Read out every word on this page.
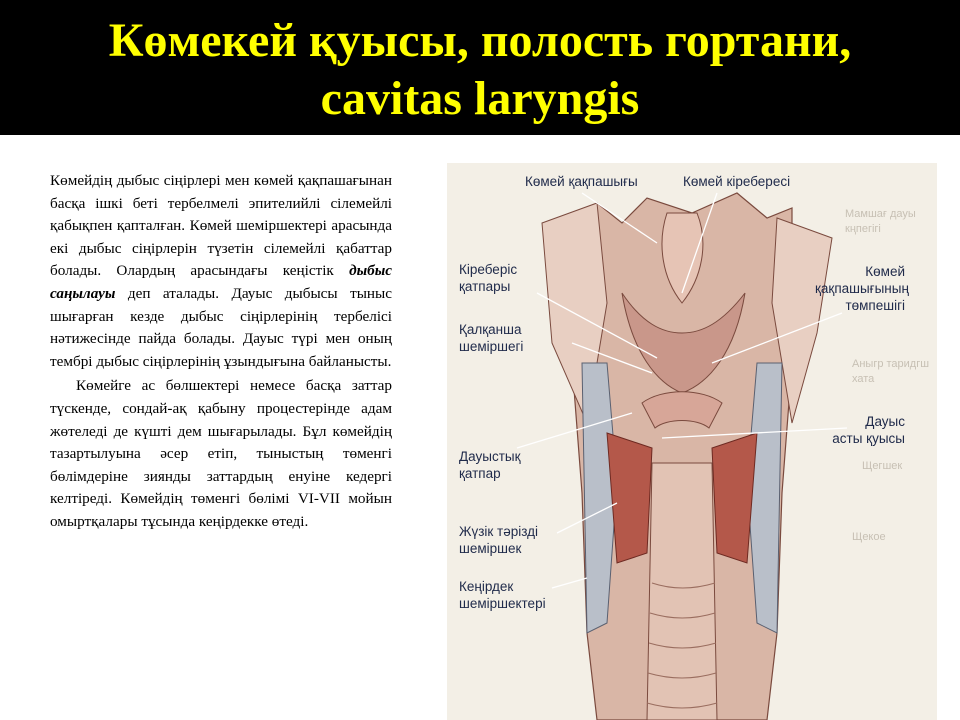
Көмекей қуысы, полость гортани,
cavitas laryngis

Көмейдің дыбыс сіңірлері мен көмей қақпашағынан басқа ішкі беті тербелмелі эпителийлі сілемейлі қабықпен қапталған. Көмей шеміршектері арасында екі дыбыс сіңірлерін түзетін сілемейлі қабаттар болады. Олардың арасындағы кеңістік дыбыс саңылауы деп аталады. Дауыс дыбысы тыныс шығарған кезде дыбыс сіңірлерінің тербелісі нәтижесінде пайда болады. Дауыс түрі мен оның тембрі дыбыс сіңірлерінің ұзындығына байланысты.

Көмейге ас бөлшектері немесе басқа заттар түскенде, сондай-ақ қабыну процестерінде адам жөтеледі де күшті дем шығарылады. Бұл көмейдің тазартылуына әсер етіп, тыныстың төменгі бөлімдеріне зиянды заттардың енуіне кедергі келтіреді. Көмейдің төменгі бөлімі VI-VII мойын омыртқалары тұсында кеңірдекке өтеді.

Мамшағ дауы
кңпегігі
Аныгр таридгш
хата
Щегшек
Щекое
Көмей қақпашығы	Көмей кіребересі
Кіреберіс
қатпары
Қалқанша
шеміршегі
Дауыстық
қатпар
Жүзік тәрізді
шеміршек
Кеңірдек
шеміршектері
Көмей
қақпашығының
төмпешігі
Дауыс
асты қуысы
